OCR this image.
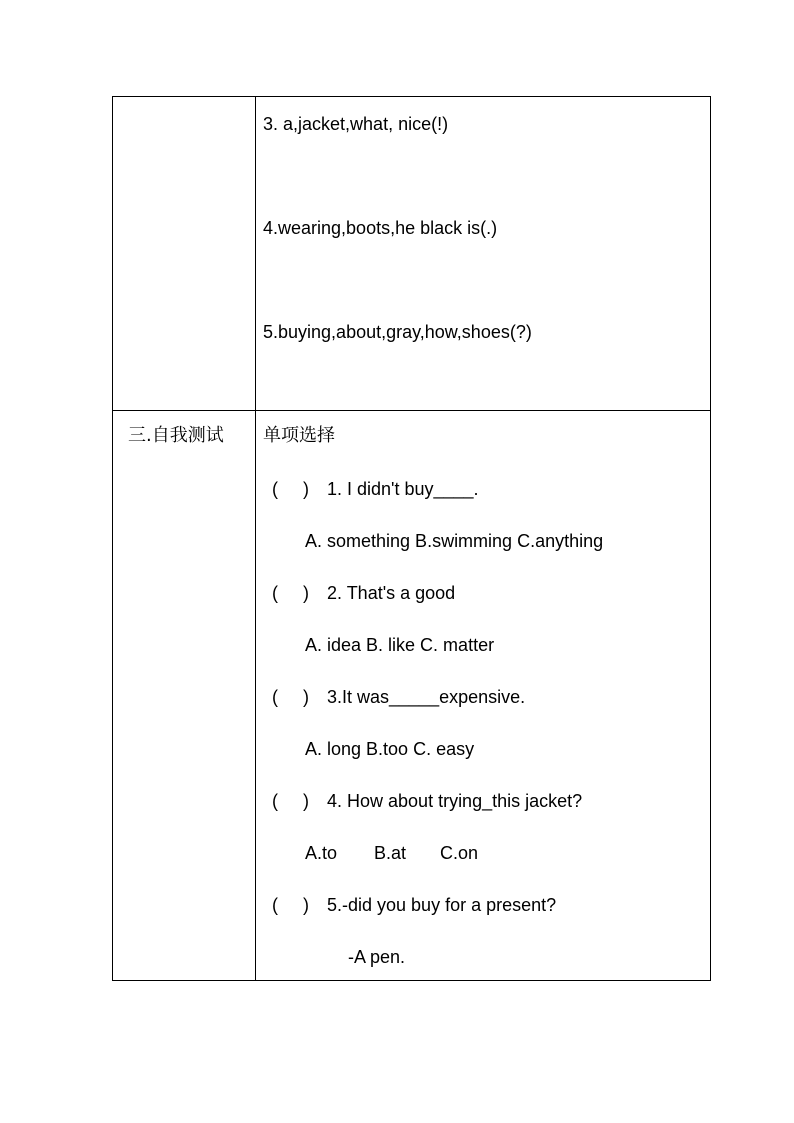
3. a,jacket,what, nice(!)
4.wearing,boots,he black is(.)
5.buying,about,gray,how,shoes(?)
三.自我测试 单项选择
(     ) 1. I didn't buy____.
A. something B.swimming C.anything
(     ) 2. That's a good
A. idea B. like C. matter
(     ) 3.It was_____expensive.
A. long B.too C. easy
(     ) 4. How about trying_this jacket?
A.to B.at C.on
(     ) 5.-did you buy for a present?
-A pen.
